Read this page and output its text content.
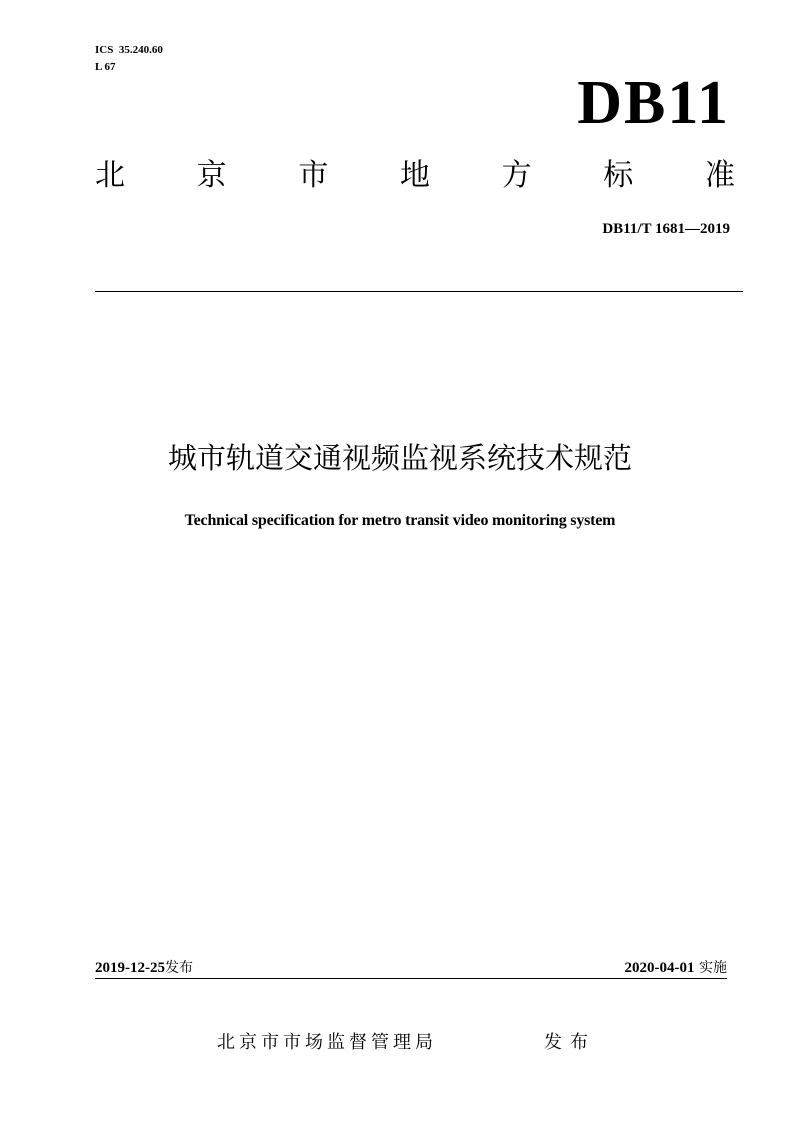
ICS  35.240.60
L 67
DB11
北 京 市 地 方 标 准
DB11/T 1681—2019
城市轨道交通视频监视系统技术规范
Technical specification for metro transit video monitoring system
2019-12-25发布	2020-04-01 实施
北京市市场监督管理局	发布
